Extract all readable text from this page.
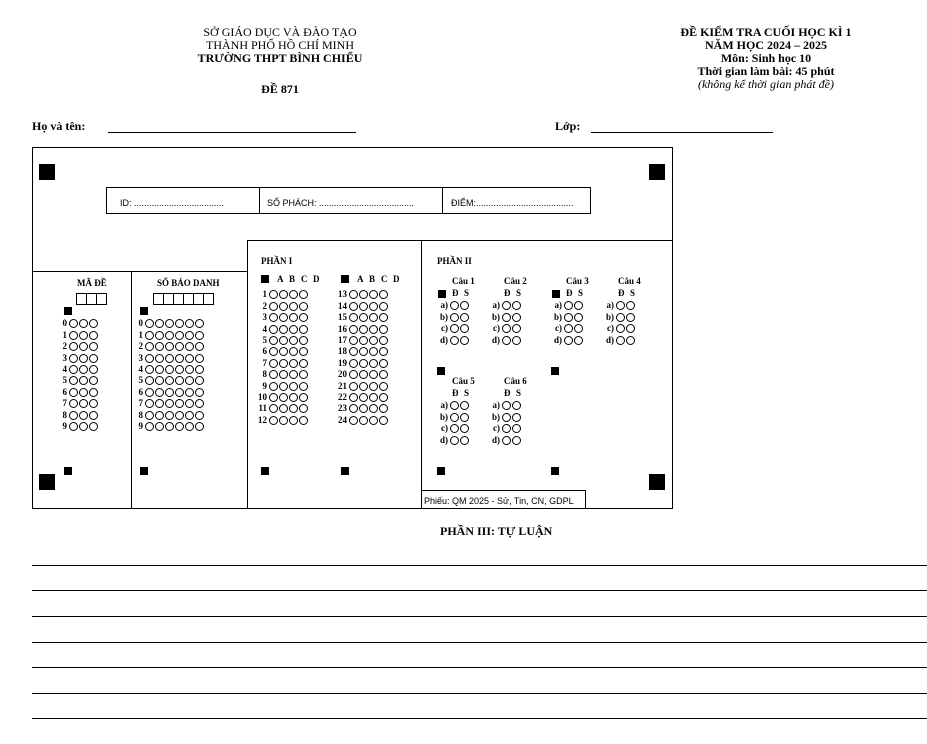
SỞ GIÁO DỤC VÀ ĐÀO TẠO
THÀNH PHỐ HỒ CHÍ MINH
TRƯỜNG THPT BÌNH CHIỂU
ĐỀ 871
ĐỀ KIỂM TRA CUỐI HỌC KÌ 1
NĂM HỌC 2024 – 2025
Môn: Sinh học 10
Thời gian làm bài: 45 phút
(không kể thời gian phát đề)
Họ và tên:	Lớp:
ID: ....................................	SỐ PHÁCH: ......................................	ĐIỂM:.......................................
MÃ ĐỀ
0
1
2
3
4
5
6
7
8
9
SỐ BÁO DANH
0
1
2
3
4
5
6
7
8
9
PHẦN I
A B C D	A B C D
1	13
2	14
3	15
4	16
5	17
6	18
7	19
8	20
9	21
10	22
11	23
12	24
PHẦN II
Câu 1
Đ S
a)
b)
c)
d)
Câu 2
Đ S
a)
b)
c)
d)
Câu 3
Đ S
a)
b)
c)
d)
Câu 4
Đ S
a)
b)
c)
d)
Câu 5
Đ S
a)
b)
c)
d)
Câu 6
Đ S
a)
b)
c)
d)
Phiếu: QM 2025 - Sử, Tin, CN, GDPL
PHẦN III: TỰ LUẬN
